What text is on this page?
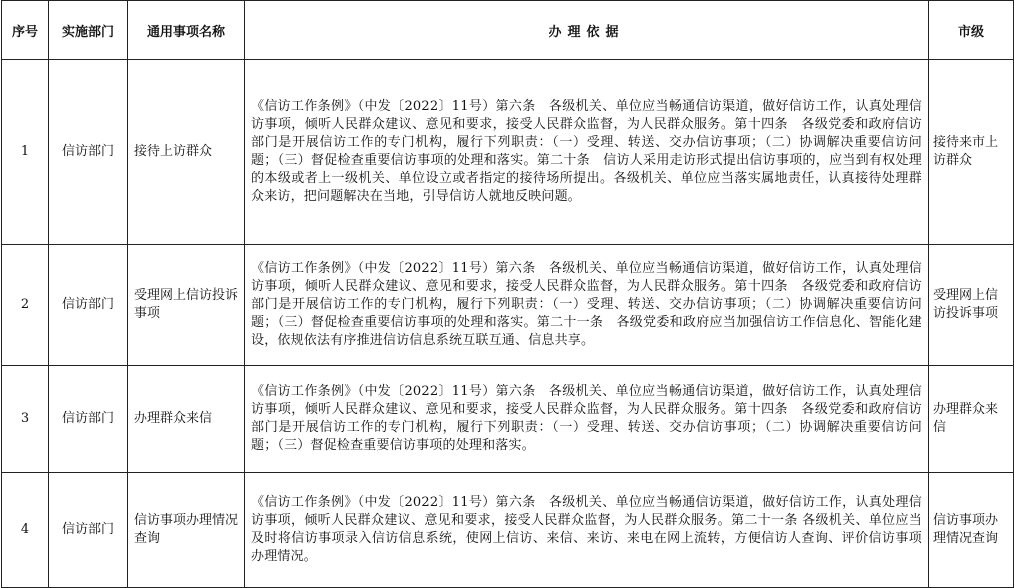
序号	实施部门	通用事项名称	办理依据	市级
1	信访部门	接待上访群众	《信访工作条例》（中发〔2022〕11号）第六条　各级机关、单位应当畅通信访渠道，做好信访工作，认真处理信访事项，倾听人民群众建议、意见和要求，接受人民群众监督，为人民群众服务。第十四条　各级党委和政府信访部门是开展信访工作的专门机构，履行下列职责：（一）受理、转送、交办信访事项；（二）协调解决重要信访问题；（三）督促检查重要信访事项的处理和落实。第二十条　信访人采用走访形式提出信访事项的，应当到有权处理的本级或者上一级机关、单位设立或者指定的接待场所提出。各级机关、单位应当落实属地责任，认真接待处理群众来访，把问题解决在当地，引导信访人就地反映问题。	接待来市上访群众
2	信访部门	受理网上信访投诉事项	《信访工作条例》（中发〔2022〕11号）第六条　各级机关、单位应当畅通信访渠道，做好信访工作，认真处理信访事项，倾听人民群众建议、意见和要求，接受人民群众监督，为人民群众服务。第十四条　各级党委和政府信访部门是开展信访工作的专门机构，履行下列职责：（一）受理、转送、交办信访事项；（二）协调解决重要信访问题；（三）督促检查重要信访事项的处理和落实。第二十一条　各级党委和政府应当加强信访工作信息化、智能化建设，依规依法有序推进信访信息系统互联互通、信息共享。	受理网上信访投诉事项
3	信访部门	办理群众来信	《信访工作条例》（中发〔2022〕11号）第六条　各级机关、单位应当畅通信访渠道，做好信访工作，认真处理信访事项，倾听人民群众建议、意见和要求，接受人民群众监督，为人民群众服务。第十四条　各级党委和政府信访部门是开展信访工作的专门机构，履行下列职责：（一）受理、转送、交办信访事项；（二）协调解决重要信访问题；（三）督促检查重要信访事项的处理和落实。	办理群众来信
4	信访部门	信访事项办理情况查询	《信访工作条例》（中发〔2022〕11号）第六条　各级机关、单位应当畅通信访渠道，做好信访工作，认真处理信访事项，倾听人民群众建议、意见和要求，接受人民群众监督，为人民群众服务。第二十一条 各级机关、单位应当及时将信访事项录入信访信息系统，使网上信访、来信、来访、来电在网上流转，方便信访人查询、评价信访事项办理情况。	信访事项办理情况查询
